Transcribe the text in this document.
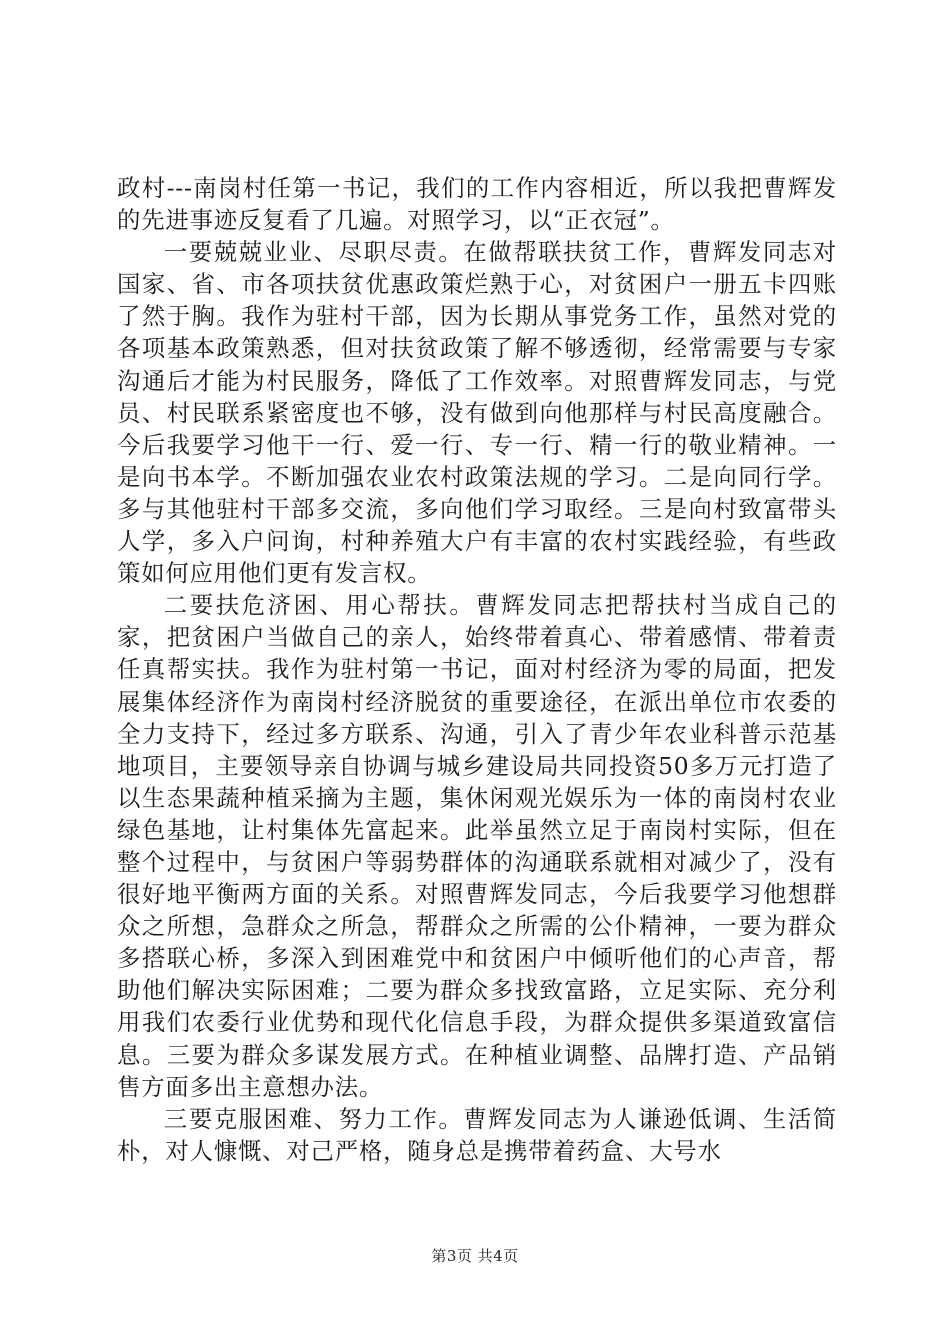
政村---南岗村任第一书记，我们的工作内容相近，所以我把曹辉发的先进事迹反复看了几遍。对照学习，以“正衣冠”。

一要兢兢业业、尽职尽责。在做帮联扶贫工作，曹辉发同志对国家、省、市各项扶贫优惠政策烂熟于心，对贫困户一册五卡四账了然于胸。我作为驻村干部，因为长期从事党务工作，虽然对党的各项基本政策熟悉，但对扶贫政策了解不够透彻，经常需要与专家沟通后才能为村民服务，降低了工作效率。对照曹辉发同志，与党员、村民联系紧密度也不够，没有做到向他那样与村民高度融合。今后我要学习他干一行、爱一行、专一行、精一行的敬业精神。一是向书本学。不断加强农业农村政策法规的学习。二是向同行学。多与其他驻村干部多交流，多向他们学习取经。三是向村致富带头人学，多入户问询，村种养殖大户有丰富的农村实践经验，有些政策如何应用他们更有发言权。

二要扶危济困、用心帮扶。曹辉发同志把帮扶村当成自己的家，把贫困户当做自己的亲人，始终带着真心、带着感情、带着责任真帮实扶。我作为驻村第一书记，面对村经济为零的局面，把发展集体经济作为南岗村经济脱贫的重要途径，在派出单位市农委的全力支持下，经过多方联系、沟通，引入了青少年农业科普示范基地项目，主要领导亲自协调与城乡建设局共同投资50多万元打造了以生态果蔬种植采摘为主题，集休闲观光娱乐为一体的南岗村农业绿色基地，让村集体先富起来。此举虽然立足于南岗村实际，但在整个过程中，与贫困户等弱势群体的沟通联系就相对减少了，没有很好地平衡两方面的关系。对照曹辉发同志，今后我要学习他想群众之所想，急群众之所急，帮群众之所需的公仆精神，一要为群众多搭联心桥，多深入到困难党中和贫困户中倾听他们的心声音，帮助他们解决实际困难；二要为群众多找致富路，立足实际、充分利用我们农委行业优势和现代化信息手段，为群众提供多渠道致富信息。三要为群众多谋发展方式。在种植业调整、品牌打造、产品销售方面多出主意想办法。

三要克服困难、努力工作。曹辉发同志为人谦逊低调、生活简朴，对人慷慨、对己严格，随身总是携带着药盒、大号水

第3页 共4页
